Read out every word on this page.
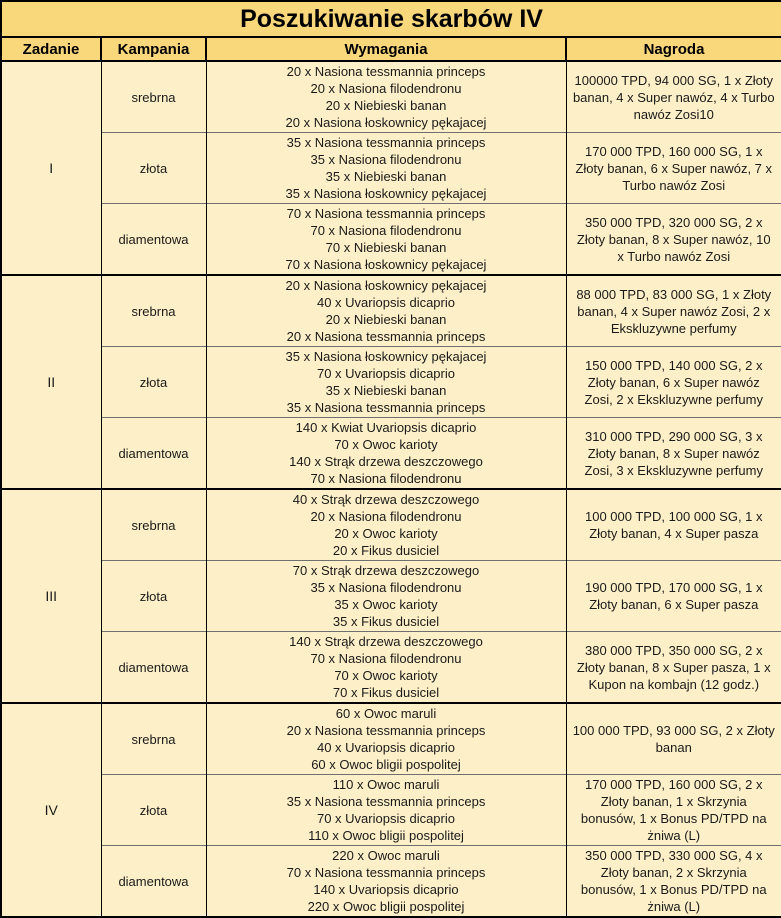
Poszukiwanie skarbów IV			
Zadanie	Kampania	Wymagania	Nagroda
I	srebrna	20 x Nasiona tessmannia princeps
20 x Nasiona filodendronu
20 x Niebieski banan
20 x Nasiona łoskownicy pękajacej	100000 TPD, 94 000 SG, 1 x Złoty banan, 4 x Super nawóz, 4 x Turbo nawóz Zosi10
	złota	35 x Nasiona tessmannia princeps
35 x Nasiona filodendronu
35 x Niebieski banan
35 x Nasiona łoskownicy pękajacej	170 000 TPD, 160 000 SG, 1 x Złoty banan, 6 x Super nawóz, 7 x Turbo nawóz Zosi
	diamentowa	70 x Nasiona tessmannia princeps
70 x Nasiona filodendronu
70 x Niebieski banan
70 x Nasiona łoskownicy pękajacej	350 000 TPD, 320 000 SG, 2 x Złoty banan, 8 x Super nawóz, 10 x Turbo nawóz Zosi
II	srebrna	20 x Nasiona łoskownicy pękajacej
40 x Uvariopsis dicaprio
20 x Niebieski banan
20 x Nasiona tessmannia princeps	88 000 TPD, 83 000 SG, 1 x Złoty banan, 4 x Super nawóz Zosi, 2 x Ekskluzywne perfumy
	złota	35 x Nasiona łoskownicy pękajacej
70 x Uvariopsis dicaprio
35 x Niebieski banan
35 x Nasiona tessmannia princeps	150 000 TPD, 140 000 SG, 2 x Złoty banan, 6 x Super nawóz Zosi, 2 x Ekskluzywne perfumy
	diamentowa	140 x Kwiat Uvariopsis dicaprio
70 x Owoc karioty
140 x Strąk drzewa deszczowego
70 x Nasiona filodendronu	310 000 TPD, 290 000 SG, 3 x Złoty banan, 8 x Super nawóz Zosi, 3 x Ekskluzywne perfumy
III	srebrna	40 x Strąk drzewa deszczowego
20 x Nasiona filodendronu
20 x Owoc karioty
20 x Fikus dusiciel	100 000 TPD, 100 000 SG, 1 x Złoty banan, 4 x Super pasza
	złota	70 x Strąk drzewa deszczowego
35 x Nasiona filodendronu
35 x Owoc karioty
35 x Fikus dusiciel	190 000 TPD, 170 000 SG, 1 x Złoty banan, 6 x Super pasza
	diamentowa	140 x Strąk drzewa deszczowego
70 x Nasiona filodendronu
70 x Owoc karioty
70 x Fikus dusiciel	380 000 TPD, 350 000 SG, 2 x Złoty banan, 8 x Super pasza, 1 x Kupon na kombajn (12 godz.)
IV	srebrna	60 x Owoc maruli
20 x Nasiona tessmannia princeps
40 x Uvariopsis dicaprio
60 x Owoc bligii pospolitej	100 000 TPD, 93 000 SG, 2 x Złoty banan
	złota	110 x Owoc maruli
35 x Nasiona tessmannia princeps
70 x Uvariopsis dicaprio
110 x Owoc bligii pospolitej	170 000 TPD, 160 000 SG, 2 x Złoty banan, 1 x Skrzynia bonusów, 1 x Bonus PD/TPD na żniwa (L)
	diamentowa	220 x Owoc maruli
70 x Nasiona tessmannia princeps
140 x Uvariopsis dicaprio
220 x Owoc bligii pospolitej	350 000 TPD, 330 000 SG, 4 x Złoty banan, 2 x Skrzynia bonusów, 1 x Bonus PD/TPD na żniwa (L)
